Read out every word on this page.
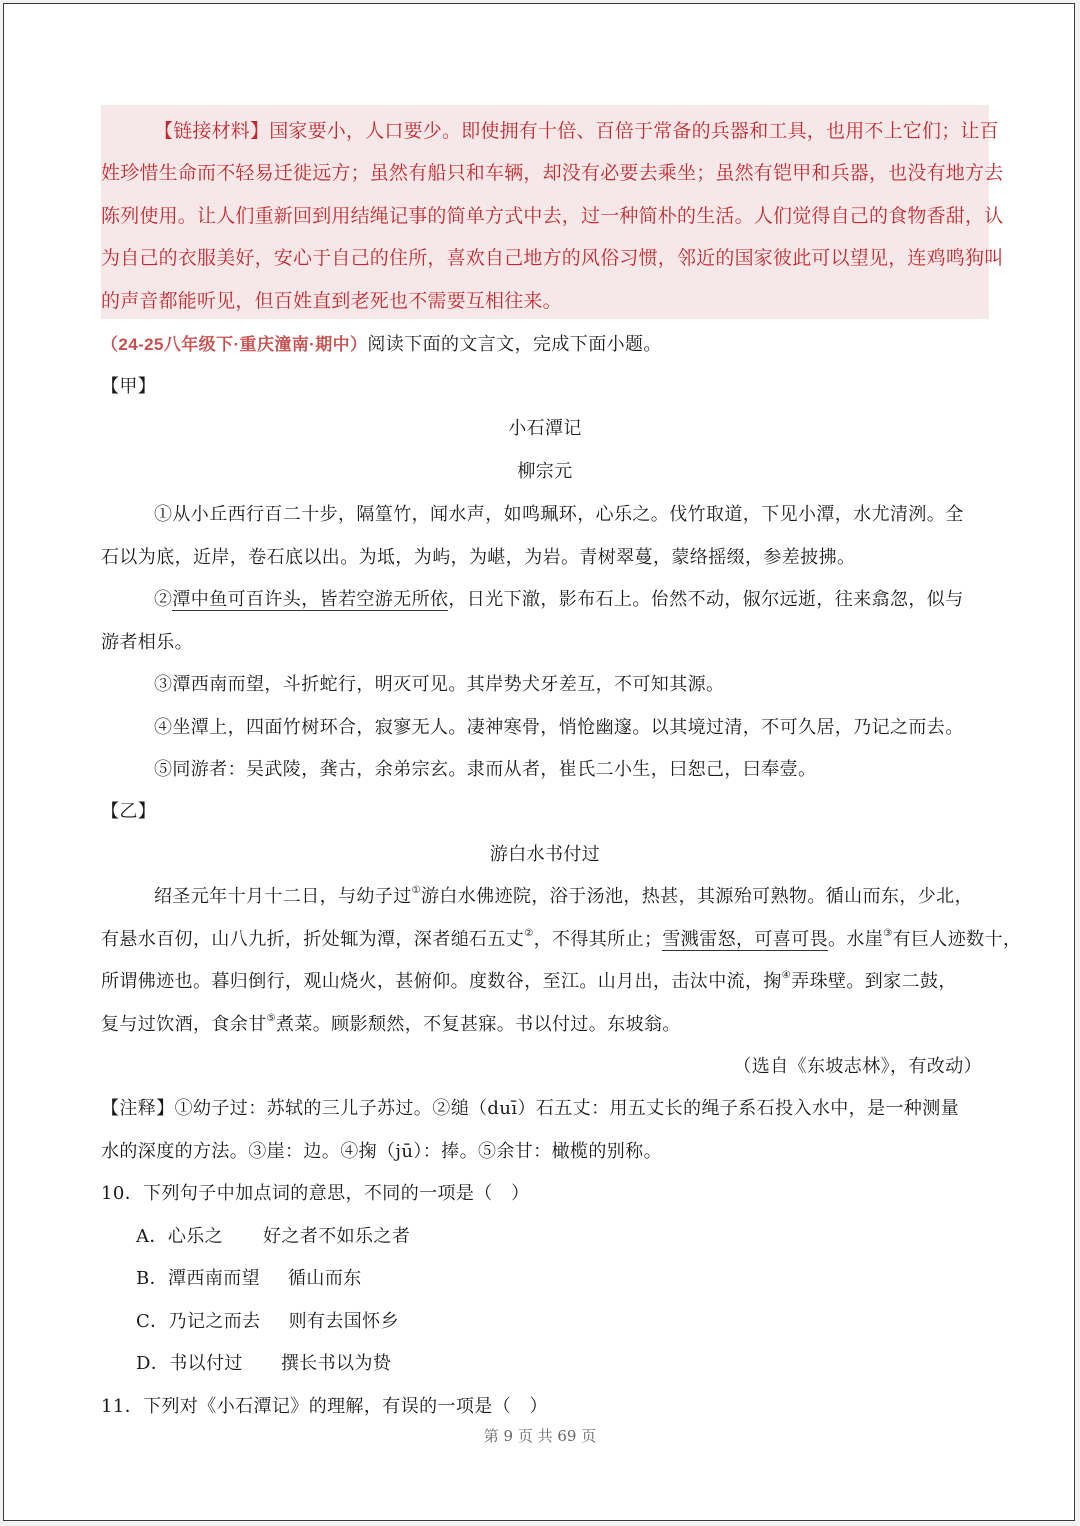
【链接材料】国家要小，人口要少。即使拥有十倍、百倍于常备的兵器和工具，也用不上它们；让百
姓珍惜生命而不轻易迁徙远方；虽然有船只和车辆，却没有必要去乘坐；虽然有铠甲和兵器，也没有地方去
陈列使用。让人们重新回到用结绳记事的简单方式中去，过一种简朴的生活。人们觉得自己的食物香甜，认
为自己的衣服美好，安心于自己的住所，喜欢自己地方的风俗习惯，邻近的国家彼此可以望见，连鸡鸣狗叫
的声音都能听见，但百姓直到老死也不需要互相往来。
（24-25八年级下·重庆潼南·期中）阅读下面的文言文，完成下面小题。
【甲】
小石潭记
柳宗元
①从小丘西行百二十步，隔篁竹，闻水声，如鸣珮环，心乐之。伐竹取道，下见小潭，水尤清洌。全
石以为底，近岸，卷石底以出。为坻，为屿，为嵁，为岩。青树翠蔓，蒙络摇缀，参差披拂。
②潭中鱼可百许头，皆若空游无所依，日光下澈，影布石上。佁然不动，俶尔远逝，往来翕忽，似与
游者相乐。
③潭西南而望，斗折蛇行，明灭可见。其岸势犬牙差互，不可知其源。
④坐潭上，四面竹树环合，寂寥无人。凄神寒骨，悄怆幽邃。以其境过清，不可久居，乃记之而去。
⑤同游者：吴武陵，龚古，余弟宗玄。隶而从者，崔氏二小生，曰恕己，曰奉壹。
【乙】
游白水书付过
绍圣元年十月十二日，与幼子过①游白水佛迹院，浴于汤池，热甚，其源殆可熟物。循山而东，少北，
有悬水百仞，山八九折，折处辄为潭，深者缒石五丈②，不得其所止；雪溅雷怒，可喜可畏。水崖③有巨人迹数十，
所谓佛迹也。暮归倒行，观山烧火，甚俯仰。度数谷，至江。山月出，击汰中流，掬④弄珠壁。到家二鼓，
复与过饮酒，食余甘⑤煮菜。顾影颓然，不复甚寐。书以付过。东坡翁。
（选自《东坡志林》，有改动）
【注释】①幼子过：苏轼的三儿子苏过。②缒（duī）石五丈：用五丈长的绳子系石投入水中，是一种测量
水的深度的方法。③崖：边。④掬（jū）：捧。⑤余甘：橄榄的别称。
10．下列句子中加点词的意思，不同的一项是（　）
A．心乐之 好之者不如乐之者
B．潭西南而望 循山而东
C．乃记之而去 则有去国怀乡
D．书以付过 撰长书以为贽
11．下列对《小石潭记》的理解，有误的一项是（　）
第 9 页 共 69 页
